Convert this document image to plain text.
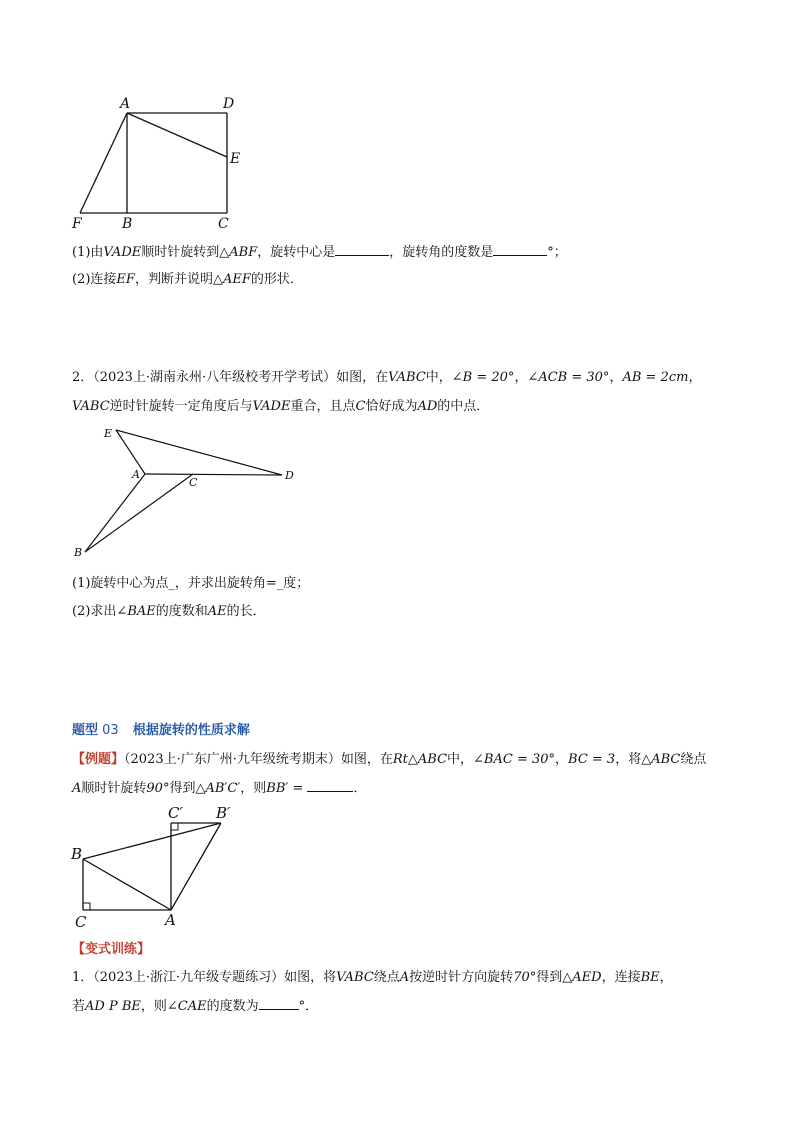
A	D
E
F	B	C
(1)由VADE顺时针旋转到△ABF，旋转中心是	，旋转角的度数是	°；
(2)连接EF，判断并说明△AEF的形状．
2．（2023上·湖南永州·八年级校考开学考试）如图，在VABC中，∠B = 20°，∠ACB = 30°，AB = 2cm，
VABC逆时针旋转一定角度后与VADE重合，且点C恰好成为AD的中点．
E
A
C
D
B
(1)旋转中心为点_，并求出旋转角=_度；
(2)求出∠BAE的度数和AE的长．
题型 03 根据旋转的性质求解
【例题】（2023上·广东广州·九年级统考期末）如图，在Rt△ABC中，∠BAC = 30°，BC = 3，将△ABC绕点
A顺时针旋转90°得到△AB′C′，则BB′ =	．
C′ B′
B
C	A
【变式训练】
1．（2023上·浙江·九年级专题练习）如图，将VABC绕点A按逆时针方向旋转70°得到△AED，连接BE，
若AD P BE，则∠CAE的度数为	°．
